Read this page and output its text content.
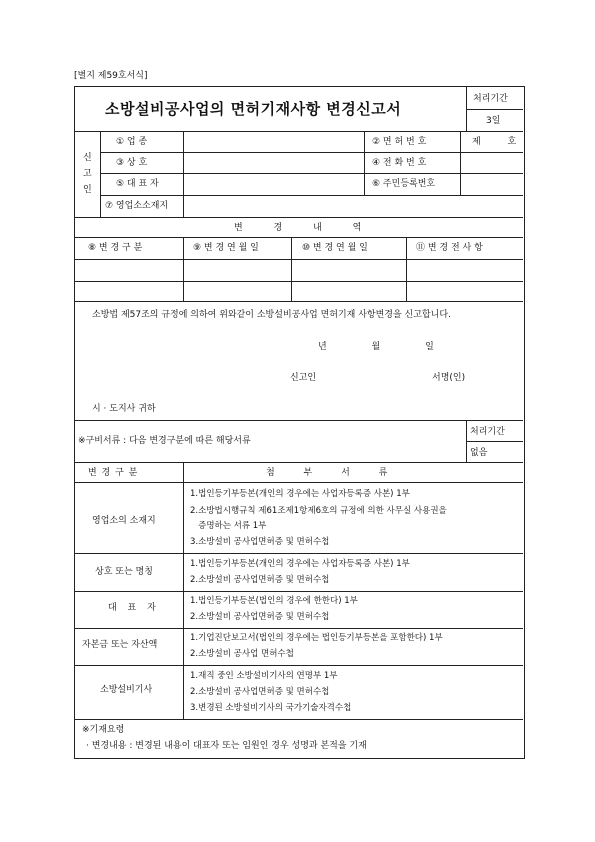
[별지 제59호서식]
소방설비공사업의 면허기재사항 변경신고서
처리기간
3일
신
고
인
① 업 종	② 면 허 번 호	제 호
③ 상 호	④ 전 화 번 호
⑤ 대 표 자	⑥ 주민등록번호
⑦ 영업소소재지
변 경 내 역
⑧ 변 경 구 분	⑨ 변 경 연 월 일	⑩ 변 경 연 월 일	⑪ 변 경 전 사 항
소방법 제57조의 규정에 의하여 위와같이 소방설비공사업 면허기재 사항변경을 신고합니다.
년 월 일
신고인	서명(인)
시 · 도지사 귀하
※구비서류 : 다음 변경구분에 따른 해당서류
처리기간
없음
변 경 구 분	첨 부 서 류
영업소의 소재지
1.법인등기부등본(개인의 경우에는 사업자등록증 사본) 1부
2.소방법시행규칙 제61조제1항제6호의 규정에 의한 사무실 사용권을
증명하는 서류 1부
3.소방설비 공사업면허증 및 면허수첩
상호 또는 명칭
1.법인등기부등본(개인의 경우에는 사업자등록증 사본) 1부
2.소방설비 공사업면허증 및 면허수첩
대 표 자
1.법인등기부등본(법인의 경우에 한한다) 1부
2.소방설비 공사업면허증 및 면허수첩
자본금 또는 자산액
1.기업진단보고서(법인의 경우에는 법인등기부등본을 포함한다) 1부
2.소방설비 공사업 면허수첩
소방설비기사
1.재직 중인 소방설비기사의 연명부 1부
2.소방설비 공사업면허증 및 면허수첩
3.변경된 소방설비기사의 국가기술자격수첩
※기재요령
· 변경내용 : 변경된 내용이 대표자 또는 임원인 경우 성명과 본적을 기재
